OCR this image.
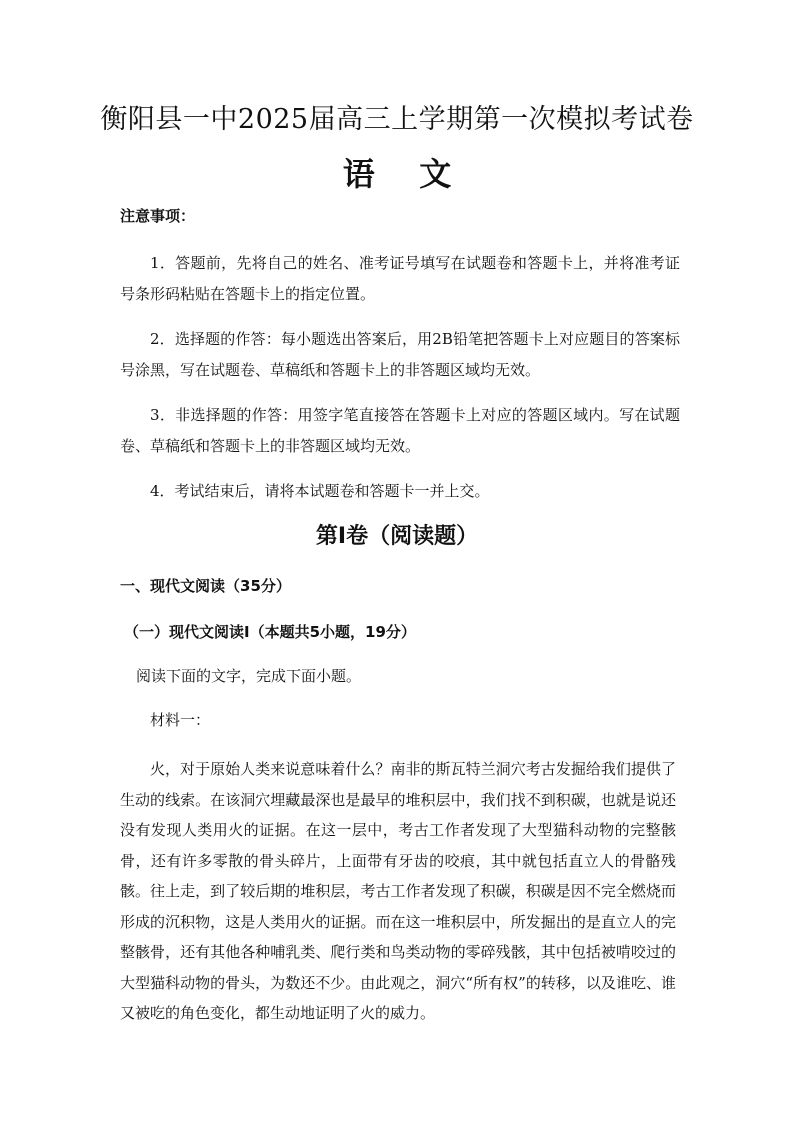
衡阳县一中2025届高三上学期第一次模拟考试卷
语    文
注意事项：
1．答题前，先将自己的姓名、准考证号填写在试题卷和答题卡上，并将准考证号条形码粘贴在答题卡上的指定位置。
2．选择题的作答：每小题选出答案后，用2B铅笔把答题卡上对应题目的答案标号涂黑，写在试题卷、草稿纸和答题卡上的非答题区域均无效。
3．非选择题的作答：用签字笔直接答在答题卡上对应的答题区域内。写在试题卷、草稿纸和答题卡上的非答题区域均无效。
4．考试结束后，请将本试题卷和答题卡一并上交。
第Ⅰ卷（阅读题）
一、现代文阅读（35分）
（一）现代文阅读Ⅰ（本题共5小题，19分）
阅读下面的文字，完成下面小题。
材料一：

火，对于原始人类来说意味着什么？南非的斯瓦特兰洞穴考古发掘给我们提供了生动的线索。在该洞穴埋藏最深也是最早的堆积层中，我们找不到积碳，也就是说还没有发现人类用火的证据。在这一层中，考古工作者发现了大型猫科动物的完整骸骨，还有许多零散的骨头碎片，上面带有牙齿的咬痕，其中就包括直立人的骨骼残骸。往上走，到了较后期的堆积层，考古工作者发现了积碳，积碳是因不完全燃烧而形成的沉积物，这是人类用火的证据。而在这一堆积层中，所发掘出的是直立人的完整骸骨，还有其他各种哺乳类、爬行类和鸟类动物的零碎残骸，其中包括被啃咬过的大型猫科动物的骨头，为数还不少。由此观之，洞穴“所有权”的转移，以及谁吃、谁又被吃的角色变化，都生动地证明了火的威力。
